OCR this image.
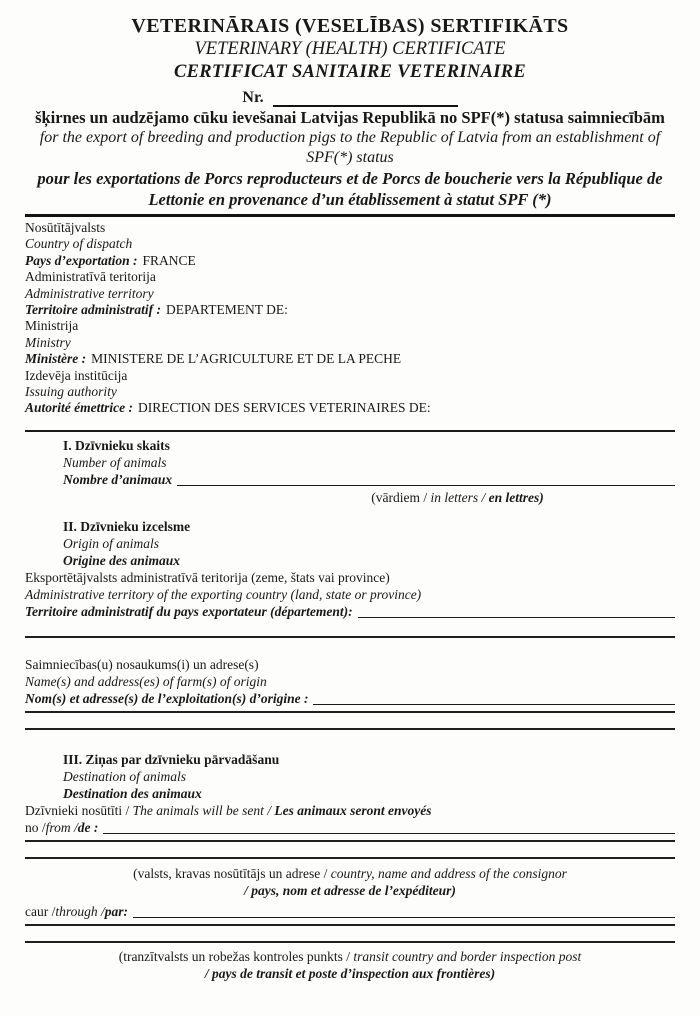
VETERINĀRAIS (VESELĪBAS) SERTIFIKĀTS
VETERINARY (HEALTH) CERTIFICATE
CERTIFICAT SANITAIRE VETERINAIRE
Nr.
šķirnes un audzējamo cūku ievešanai Latvijas Republikā no SPF(*) statusa saimniecībām
for the export of breeding and production pigs to the Republic of Latvia from an establishment of SPF(*) status
pour les exportations de Porcs reproducteurs et de Porcs de boucherie vers la République de Lettonie en provenance d’un établissement à statut SPF (*)
Nosūtītājvalsts
Country of dispatch
Pays d’exportation : FRANCE
Administratīvā teritorija
Administrative territory
Territoire administratif : DEPARTEMENT DE:
Ministrija
Ministry
Ministère : MINISTERE DE L’AGRICULTURE ET DE LA PECHE
Izdevēja institūcija
Issuing authority
Autorité émettrice : DIRECTION DES SERVICES VETERINAIRES DE:
I. Dzīvnieku skaits
Number of animals
Nombre d’animaux
(vārdiem / in letters / en lettres)
II. Dzīvnieku izcelsme
Origin of animals
Origine des animaux
Eksportētājvalsts administratīvā teritorija (zeme, štats vai province)
Administrative territory of the exporting country (land, state or province)
Territoire administratif du pays exportateur (département):
Saimniecības(u) nosaukums(i) un adrese(s)
Name(s) and address(es) of farm(s) of origin
Nom(s) et adresse(s) de l’exploitation(s) d’origine :
III. Ziņas par dzīvnieku pārvadāšanu
Destination of animals
Destination des animaux
Dzīvnieki nosūtīti / The animals will be sent / Les animaux seront envoyés
no / from / de :
(valsts, kravas nosūtītājs un adrese / country, name and address of the consignor
/ pays, nom et adresse de l’expéditeur)
caur / through / par:
(tranzītvalsts un robežas kontroles punkts / transit country and border inspection post
/ pays de transit et poste d’inspection aux frontières)
